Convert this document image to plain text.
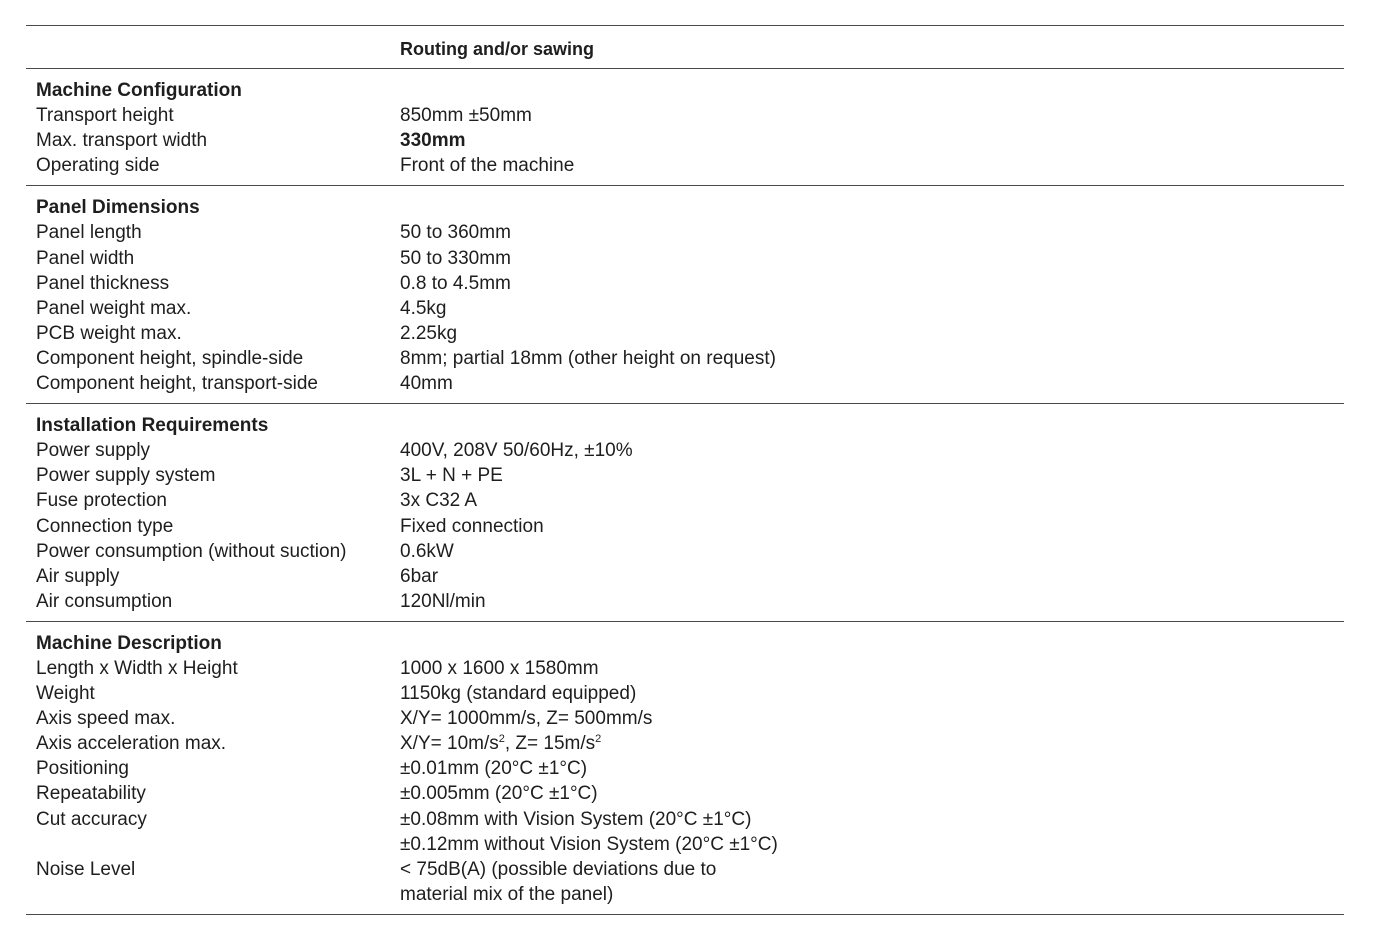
Routing and/or sawing
Machine Configuration
Transport height	850mm ±50mm
Max. transport width	330mm
Operating side	Front of the machine
Panel Dimensions
Panel length	50 to 360mm
Panel width	50 to 330mm
Panel thickness	0.8 to 4.5mm
Panel weight max.	4.5kg
PCB weight max.	2.25kg
Component height, spindle-side	8mm; partial 18mm (other height on request)
Component height, transport-side	40mm
Installation Requirements
Power supply	400V, 208V 50/60Hz, ±10%
Power supply system	3L + N + PE
Fuse protection	3x C32 A
Connection type	Fixed connection
Power consumption (without suction)	0.6kW
Air supply	6bar
Air consumption	120Nl/min
Machine Description
Length x Width x Height	1000 x 1600 x 1580mm
Weight	1150kg (standard equipped)
Axis speed max.	X/Y= 1000mm/s, Z= 500mm/s
Axis acceleration max.	$X/Y= 10m/s^2$, $Z= 15m/s^2$
Positioning	±0.01mm (20°C ±1°C)
Repeatability	±0.005mm (20°C ±1°C)
Cut accuracy	±0.08mm with Vision System (20°C ±1°C)
±0.12mm without Vision System (20°C ±1°C)
Noise Level	< 75dB(A) (possible deviations due to
material mix of the panel)
